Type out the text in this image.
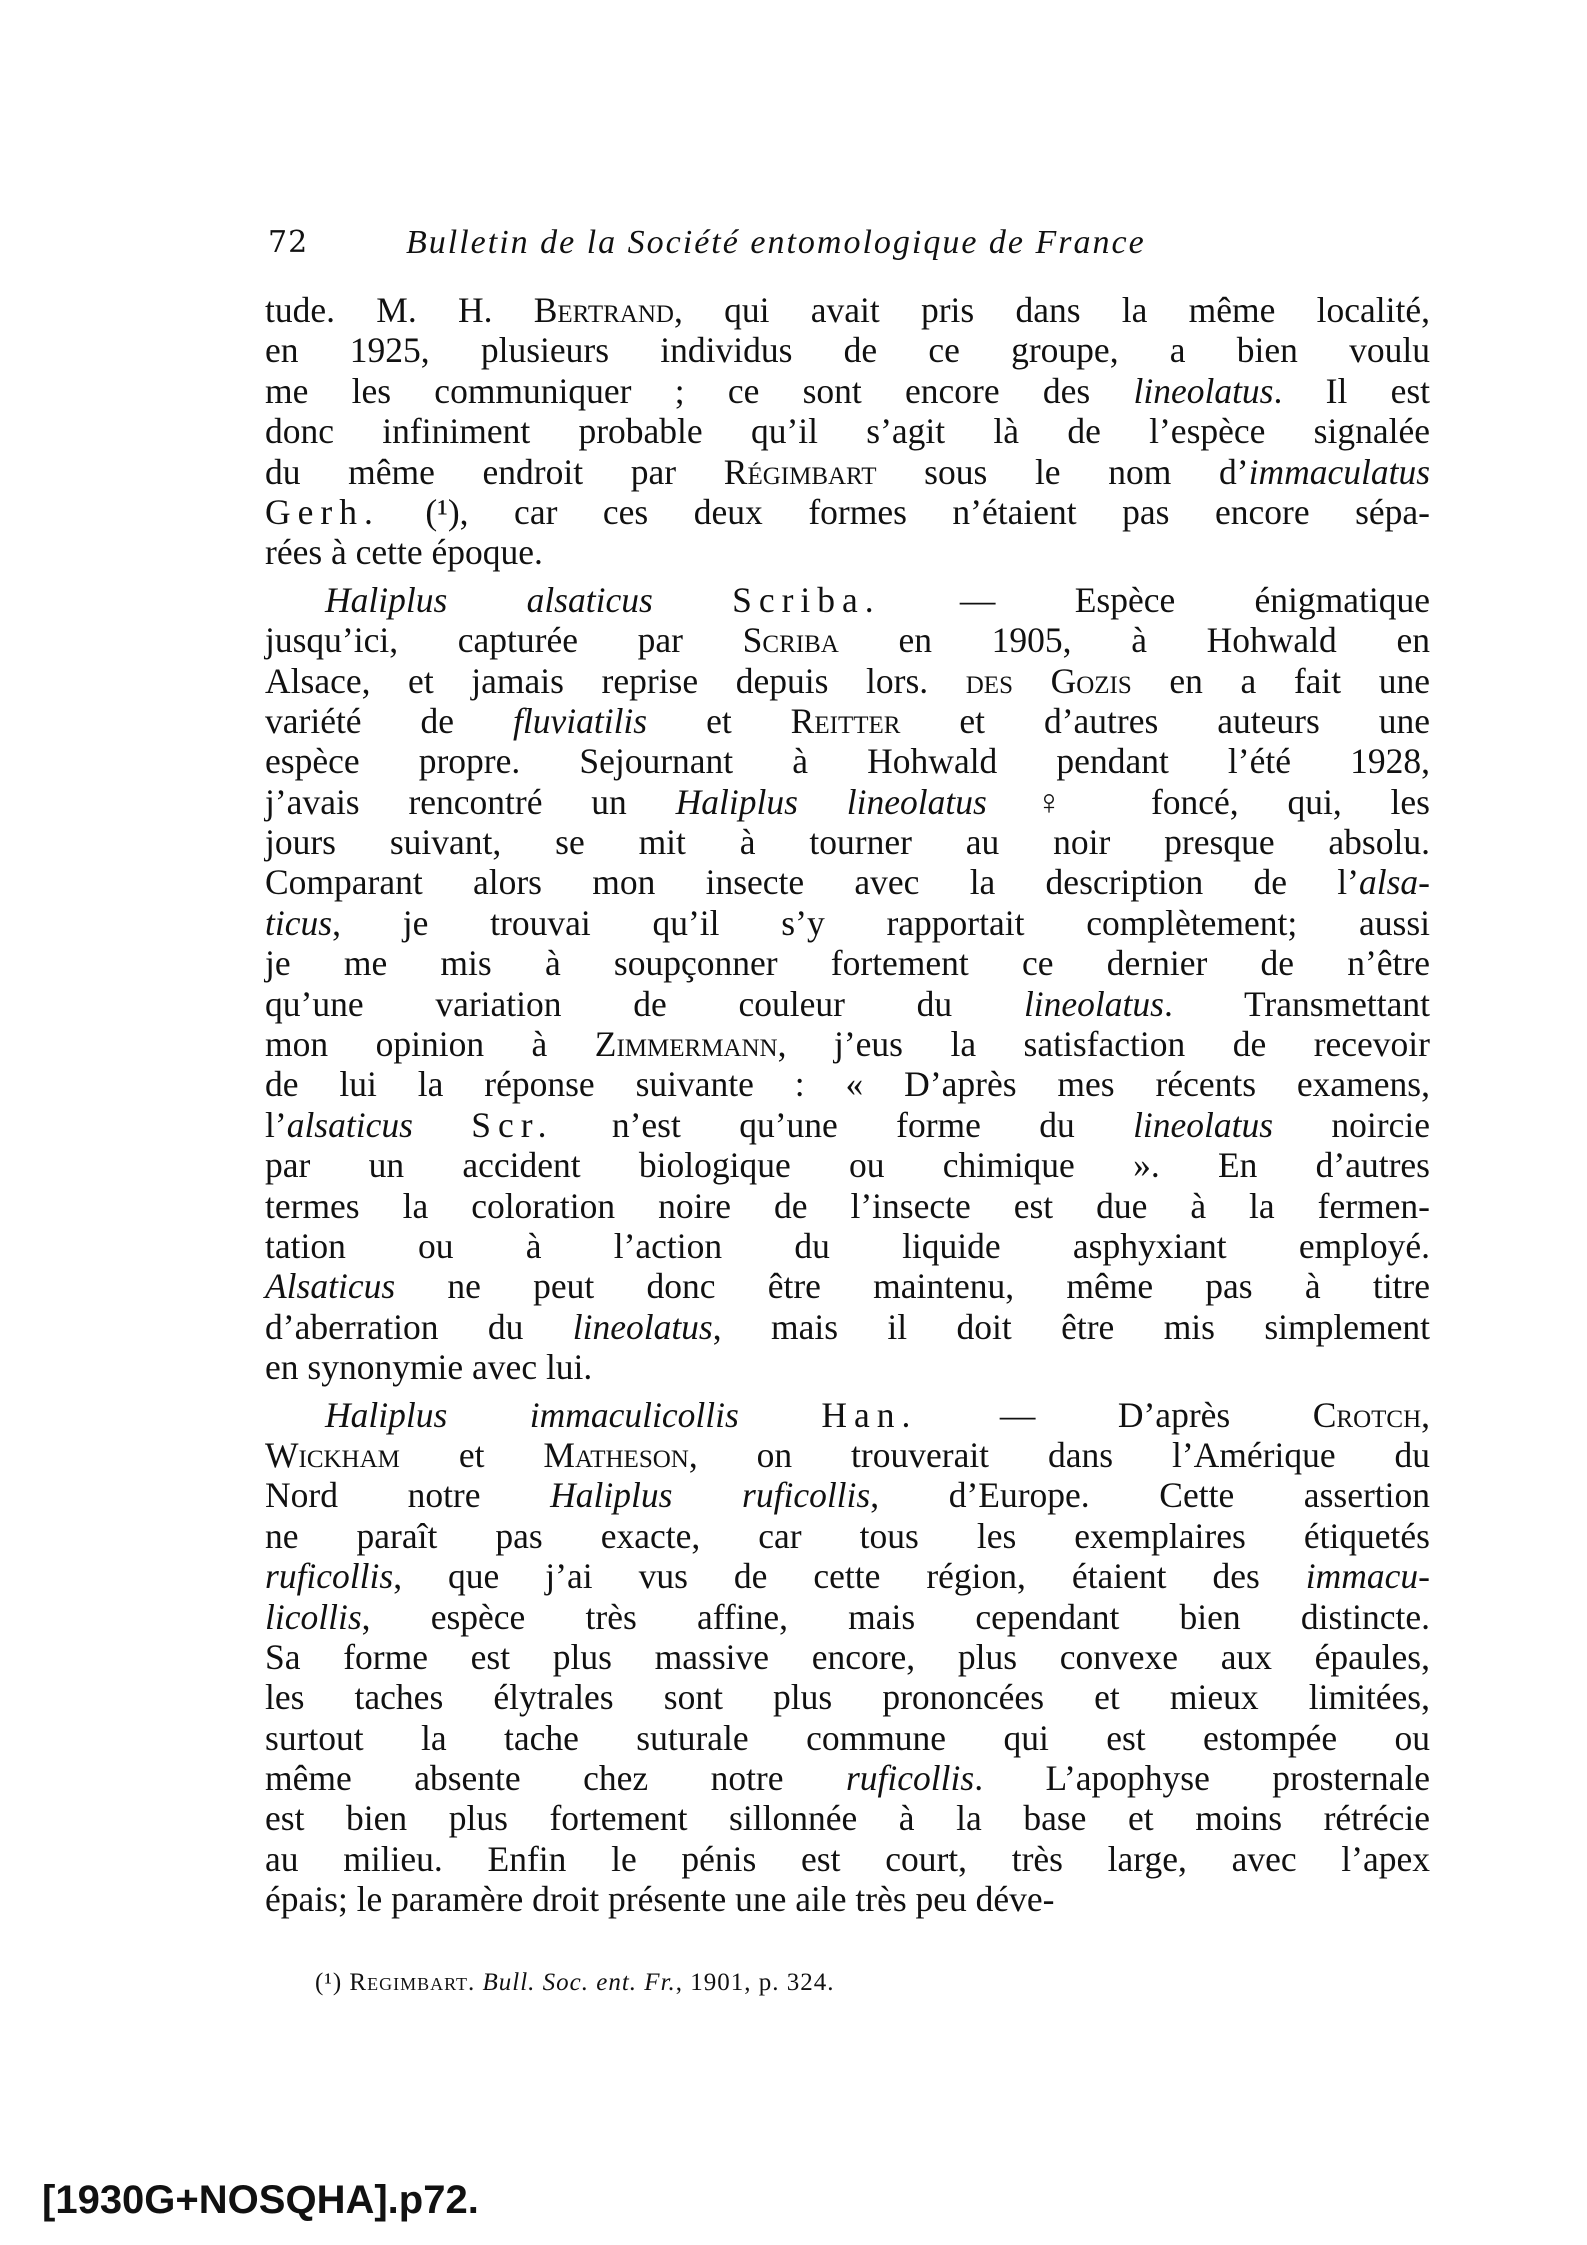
72	Bulletin de la Société entomologique de France
tude. M. H. Bertrand, qui avait pris dans la même localité,
en 1925, plusieurs individus de ce groupe, a bien voulu
me les communiquer ; ce sont encore des lineolatus. Il est
donc infiniment probable qu’il s’agit là de l’espèce signalée
du même endroit par Régimbart sous le nom d’immaculatus
Gerh. (¹), car ces deux formes n’étaient pas encore sépa-
rées à cette époque.
Haliplus alsaticus Scriba. — Espèce énigmatique
jusqu’ici, capturée par Scriba en 1905, à Hohwald en
Alsace, et jamais reprise depuis lors. des Gozis en a fait une
variété de fluviatilis et Reitter et d’autres auteurs une
espèce propre. Sejournant à Hohwald pendant l’été 1928,
j’avais rencontré un Haliplus lineolatus ♀ foncé, qui, les
jours suivant, se mit à tourner au noir presque absolu.
Comparant alors mon insecte avec la description de l’alsa-
ticus, je trouvai qu’il s’y rapportait complètement; aussi
je me mis à soupçonner fortement ce dernier de n’être
qu’une variation de couleur du lineolatus. Transmettant
mon opinion à Zimmermann, j’eus la satisfaction de recevoir
de lui la réponse suivante : « D’après mes récents examens,
l’alsaticus Scr. n’est qu’une forme du lineolatus noircie
par un accident biologique ou chimique ». En d’autres
termes la coloration noire de l’insecte est due à la fermen-
tation ou à l’action du liquide asphyxiant employé.
Alsaticus ne peut donc être maintenu, même pas à titre
d’aberration du lineolatus, mais il doit être mis simplement
en synonymie avec lui.
Haliplus immaculicollis Han. — D’après Crotch,
Wickham et Matheson, on trouverait dans l’Amérique du
Nord notre Haliplus ruficollis, d’Europe. Cette assertion
ne paraît pas exacte, car tous les exemplaires étiquetés
ruficollis, que j’ai vus de cette région, étaient des immacu-
licollis, espèce très affine, mais cependant bien distincte.
Sa forme est plus massive encore, plus convexe aux épaules,
les taches élytrales sont plus prononcées et mieux limitées,
surtout la tache suturale commune qui est estompée ou
même absente chez notre ruficollis. L’apophyse prosternale
est bien plus fortement sillonnée à la base et moins rétrécie
au milieu. Enfin le pénis est court, très large, avec l’apex
épais; le paramère droit présente une aile très peu déve-
(¹) Regimbart. Bull. Soc. ent. Fr., 1901, p. 324.
[1930G+NOSQHA].p72.
